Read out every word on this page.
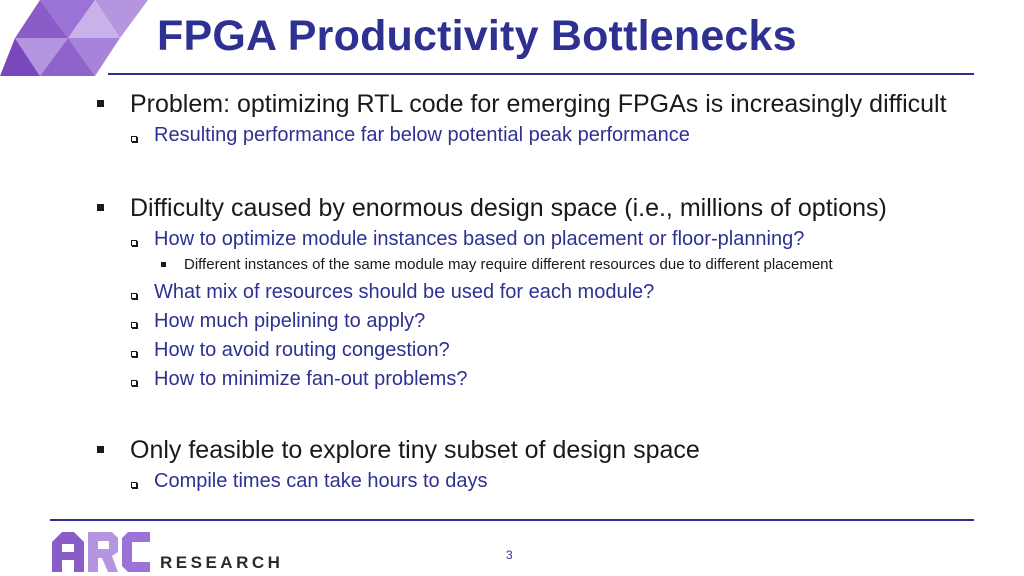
FPGA Productivity Bottlenecks
Problem: optimizing RTL code for emerging FPGAs is increasingly difficult
Resulting performance far below potential peak performance
Difficulty caused by enormous design space (i.e., millions of options)
How to optimize module instances based on placement or floor-planning?
Different instances of the same module may require different resources due to different placement
What mix of resources should be used for each module?
How much pipelining to apply?
How to avoid routing congestion?
How to minimize fan-out problems?
Only feasible to explore tiny subset of design space
Compile times can take hours to days
RESEARCH	3
